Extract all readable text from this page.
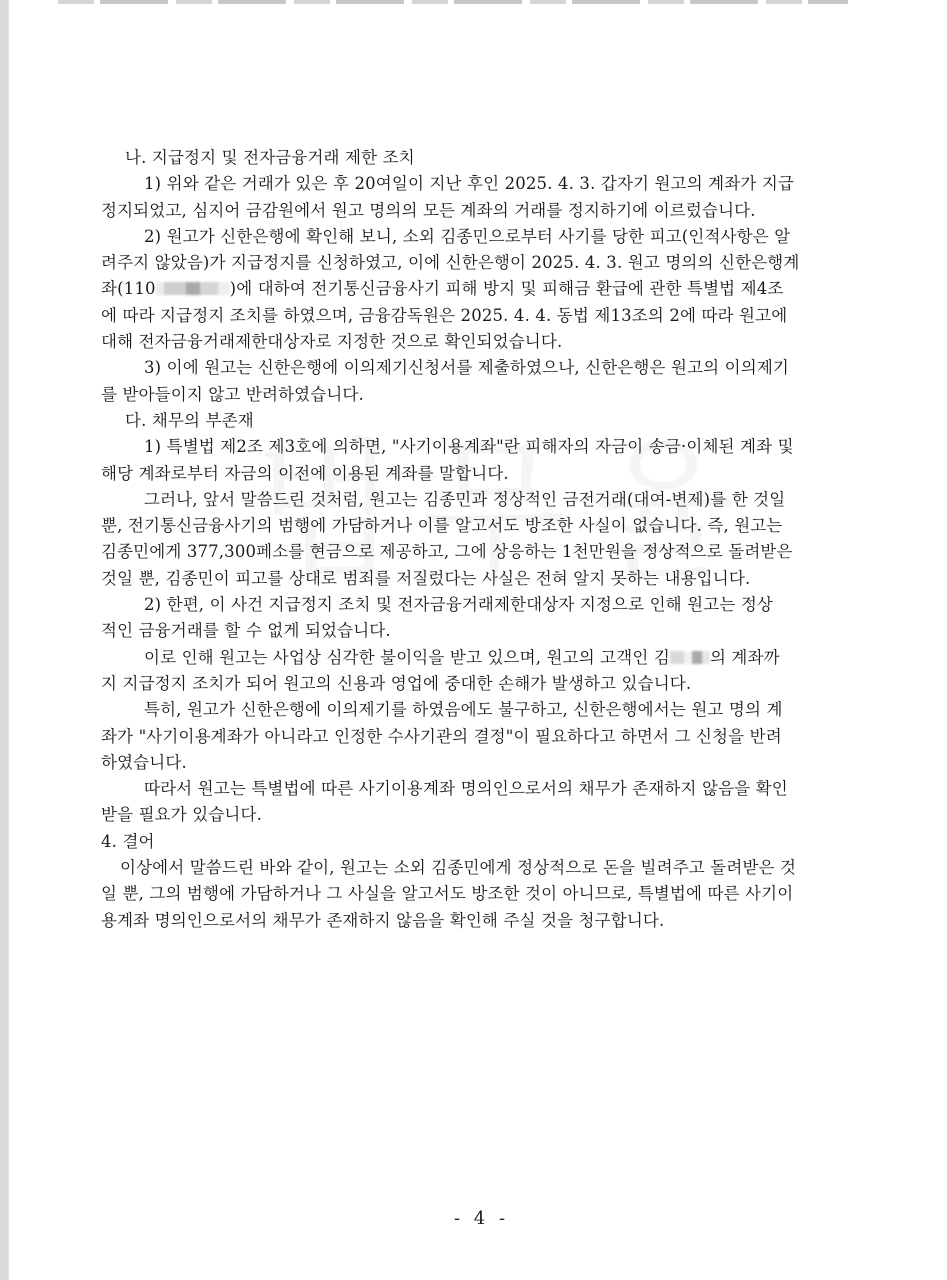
나. 지급정지 및 전자금융거래 제한 조치
1) 위와 같은 거래가 있은 후 20여일이 지난 후인 2025. 4. 3. 갑자기 원고의 계좌가 지급
정지되었고, 심지어 금감원에서 원고 명의의 모든 계좌의 거래를 정지하기에 이르렀습니다.
2) 원고가 신한은행에 확인해 보니, 소외 김종민으로부터 사기를 당한 피고(인적사항은 알
려주지 않았음)가 지급정지를 신청하였고, 이에 신한은행이 2025. 4. 3. 원고 명의의 신한은행계
좌(110	)에 대하여 전기통신금융사기 피해 방지 및 피해금 환급에 관한 특별법 제4조
에 따라 지급정지 조치를 하였으며, 금융감독원은 2025. 4. 4. 동법 제13조의 2에 따라 원고에
대해 전자금융거래제한대상자로 지정한 것으로 확인되었습니다.
3) 이에 원고는 신한은행에 이의제기신청서를 제출하였으나, 신한은행은 원고의 이의제기
를 받아들이지 않고 반려하였습니다.
다. 채무의 부존재
1) 특별법 제2조 제3호에 의하면, "사기이용계좌"란 피해자의 자금이 송금·이체된 계좌 및
해당 계좌로부터 자금의 이전에 이용된 계좌를 말합니다.
그러나, 앞서 말씀드린 것처럼, 원고는 김종민과 정상적인 금전거래(대여-변제)를 한 것일
뿐, 전기통신금융사기의 범행에 가담하거나 이를 알고서도 방조한 사실이 없습니다. 즉, 원고는
김종민에게 377,300페소를 현금으로 제공하고, 그에 상응하는 1천만원을 정상적으로 돌려받은
것일 뿐, 김종민이 피고를 상대로 범죄를 저질렀다는 사실은 전혀 알지 못하는 내용입니다.
2) 한편, 이 사건 지급정지 조치 및 전자금융거래제한대상자 지정으로 인해 원고는 정상
적인 금융거래를 할 수 없게 되었습니다.
이로 인해 원고는 사업상 심각한 불이익을 받고 있으며, 원고의 고객인 김 의 계좌까
지 지급정지 조치가 되어 원고의 신용과 영업에 중대한 손해가 발생하고 있습니다.
특히, 원고가 신한은행에 이의제기를 하였음에도 불구하고, 신한은행에서는 원고 명의 계
좌가 "사기이용계좌가 아니라고 인정한 수사기관의 결정"이 필요하다고 하면서 그 신청을 반려
하였습니다.
따라서 원고는 특별법에 따른 사기이용계좌 명의인으로서의 채무가 존재하지 않음을 확인
받을 필요가 있습니다.
4. 결어
이상에서 말씀드린 바와 같이, 원고는 소외 김종민에게 정상적으로 돈을 빌려주고 돌려받은 것
일 뿐, 그의 범행에 가담하거나 그 사실을 알고서도 방조한 것이 아니므로, 특별법에 따른 사기이
용계좌 명의인으로서의 채무가 존재하지 않음을 확인해 주실 것을 청구합니다.
- 4 -
